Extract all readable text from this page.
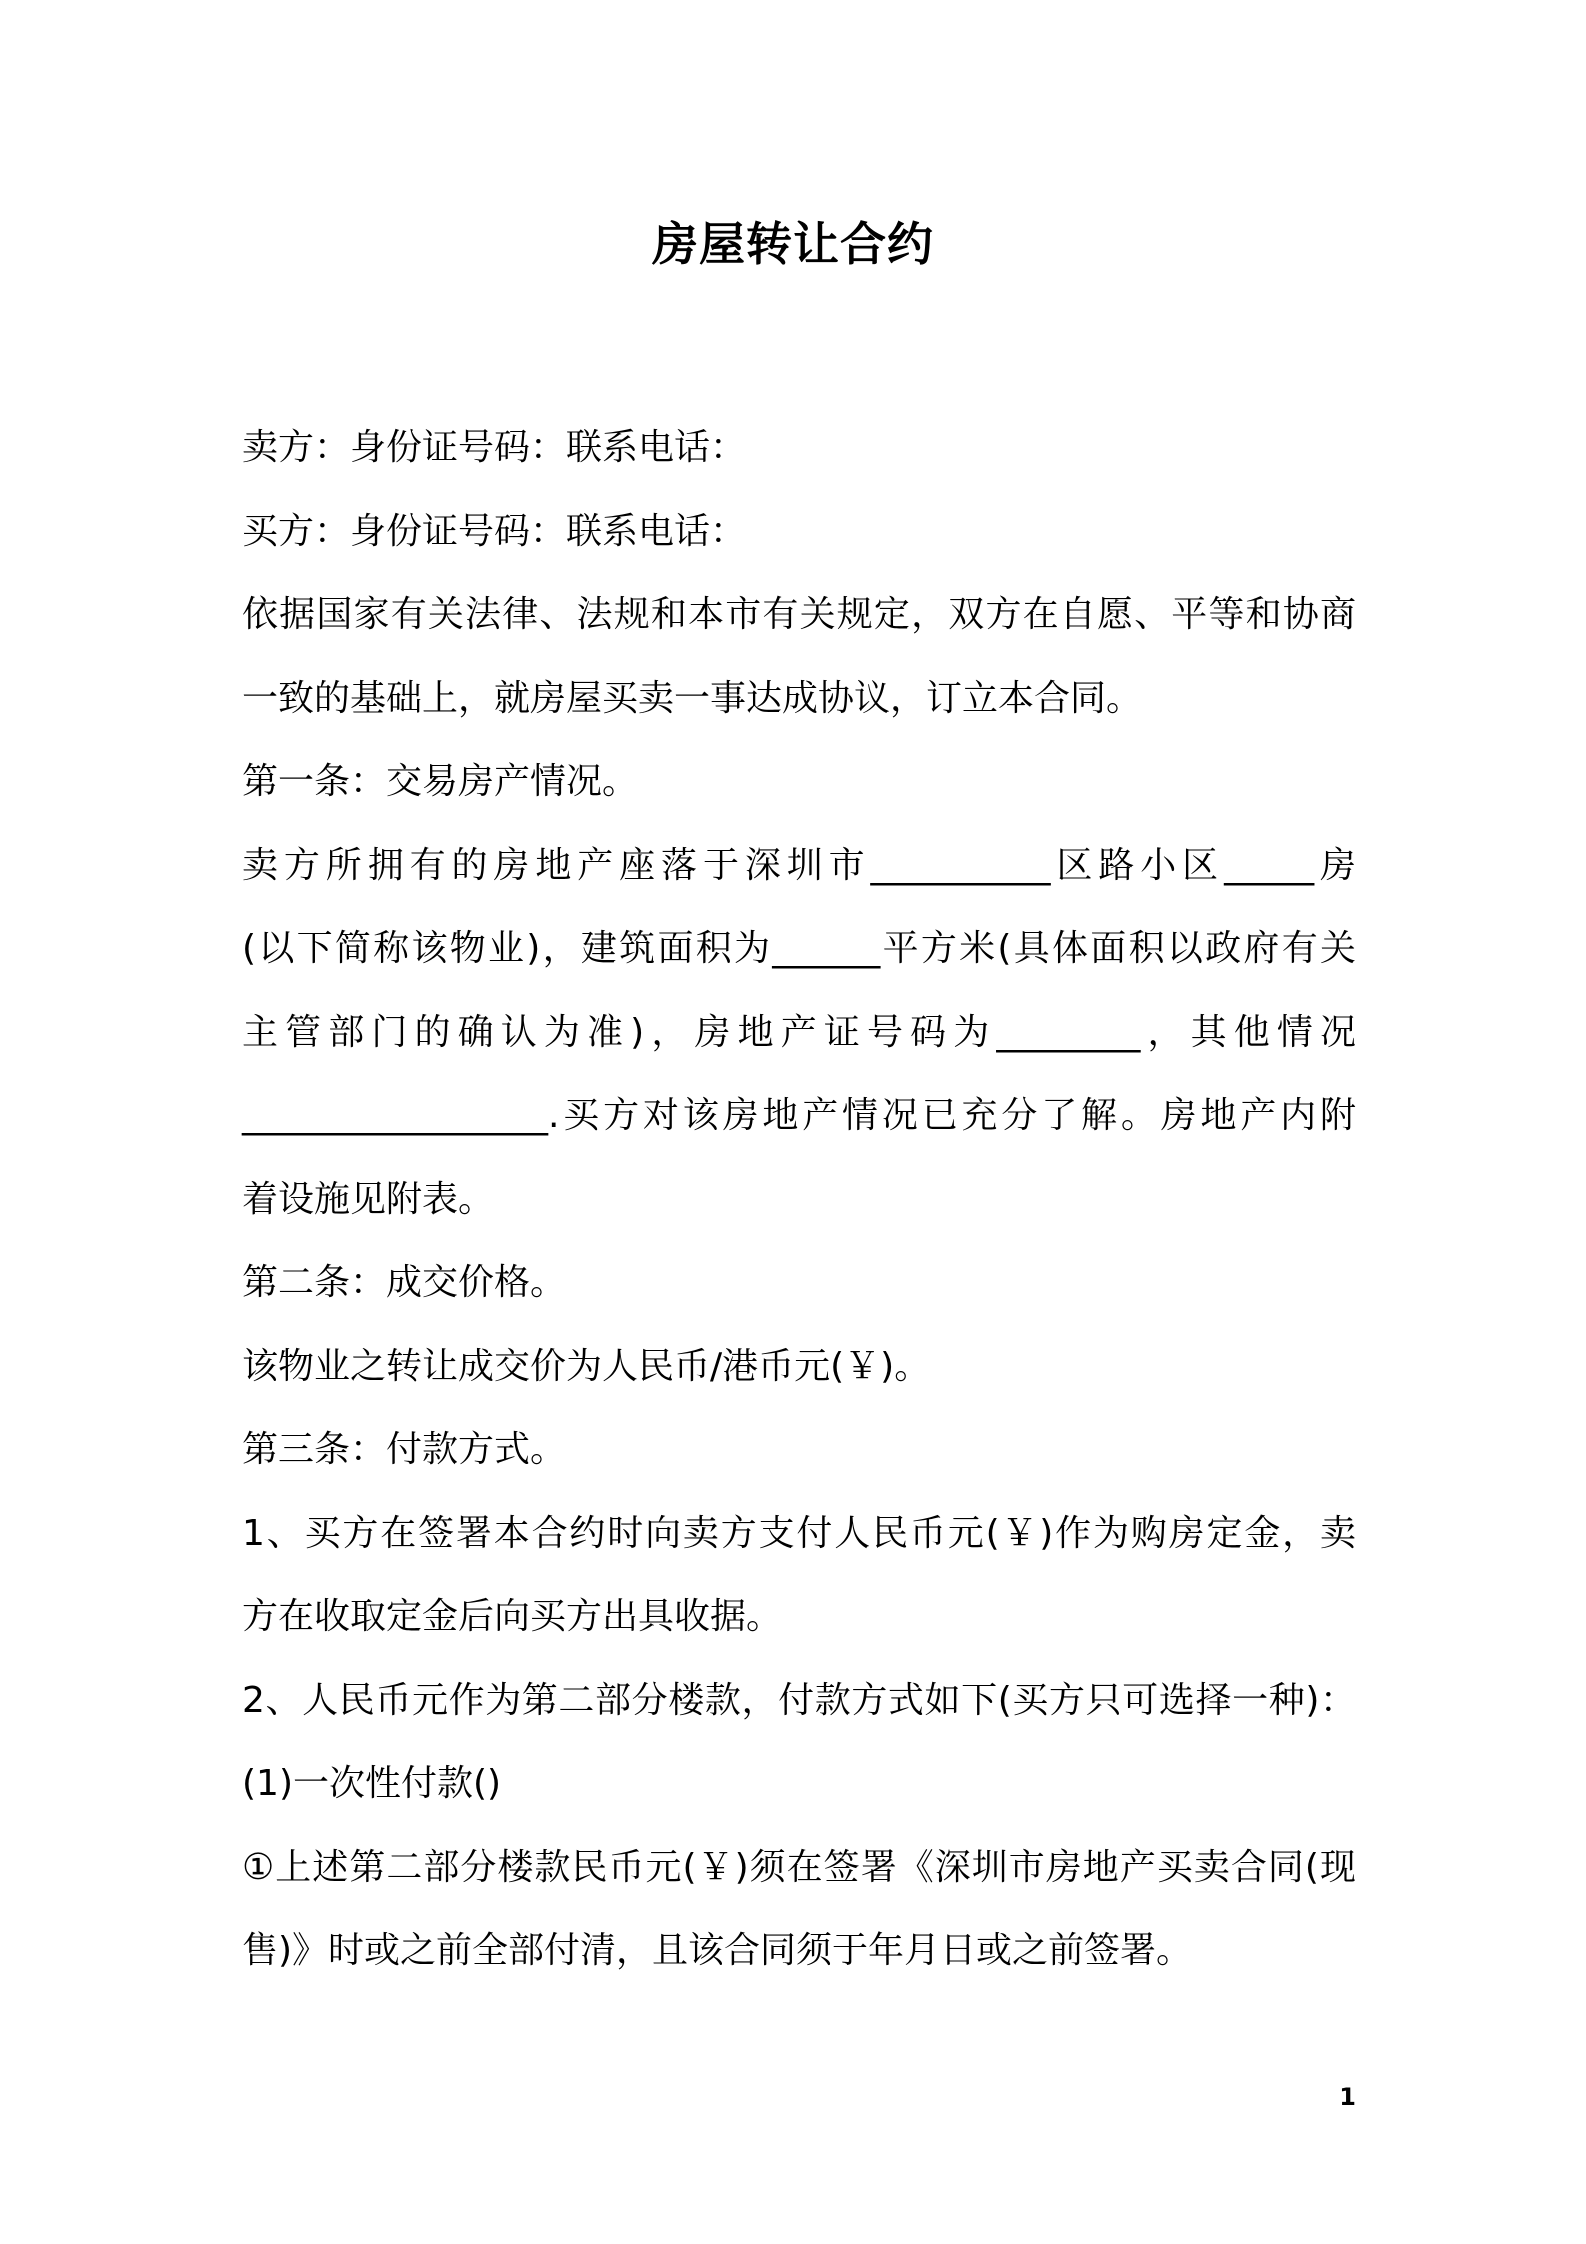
房屋转让合约
卖方：身份证号码：联系电话：
买方：身份证号码：联系电话：
依据国家有关法律、法规和本市有关规定，双方在自愿、平等和协商
一致的基础上，就房屋买卖一事达成协议，订立本合同。
第一条：交易房产情况。
卖方所拥有的房地产座落于深圳市__________区路小区_____房
(以下简称该物业)，建筑面积为______平方米(具体面积以政府有关
主管部门的确认为准)，房地产证号码为________，其他情况
_________________.买方对该房地产情况已充分了解。房地产内附
着设施见附表。
第二条：成交价格。
该物业之转让成交价为人民币/港币元(￥)。
第三条：付款方式。
1、买方在签署本合约时向卖方支付人民币元(￥)作为购房定金，卖
方在收取定金后向买方出具收据。
2、人民币元作为第二部分楼款，付款方式如下(买方只可选择一种)：
(1)一次性付款()
①上述第二部分楼款民币元(￥)须在签署《深圳市房地产买卖合同(现
售)》时或之前全部付清，且该合同须于年月日或之前签署。
1
